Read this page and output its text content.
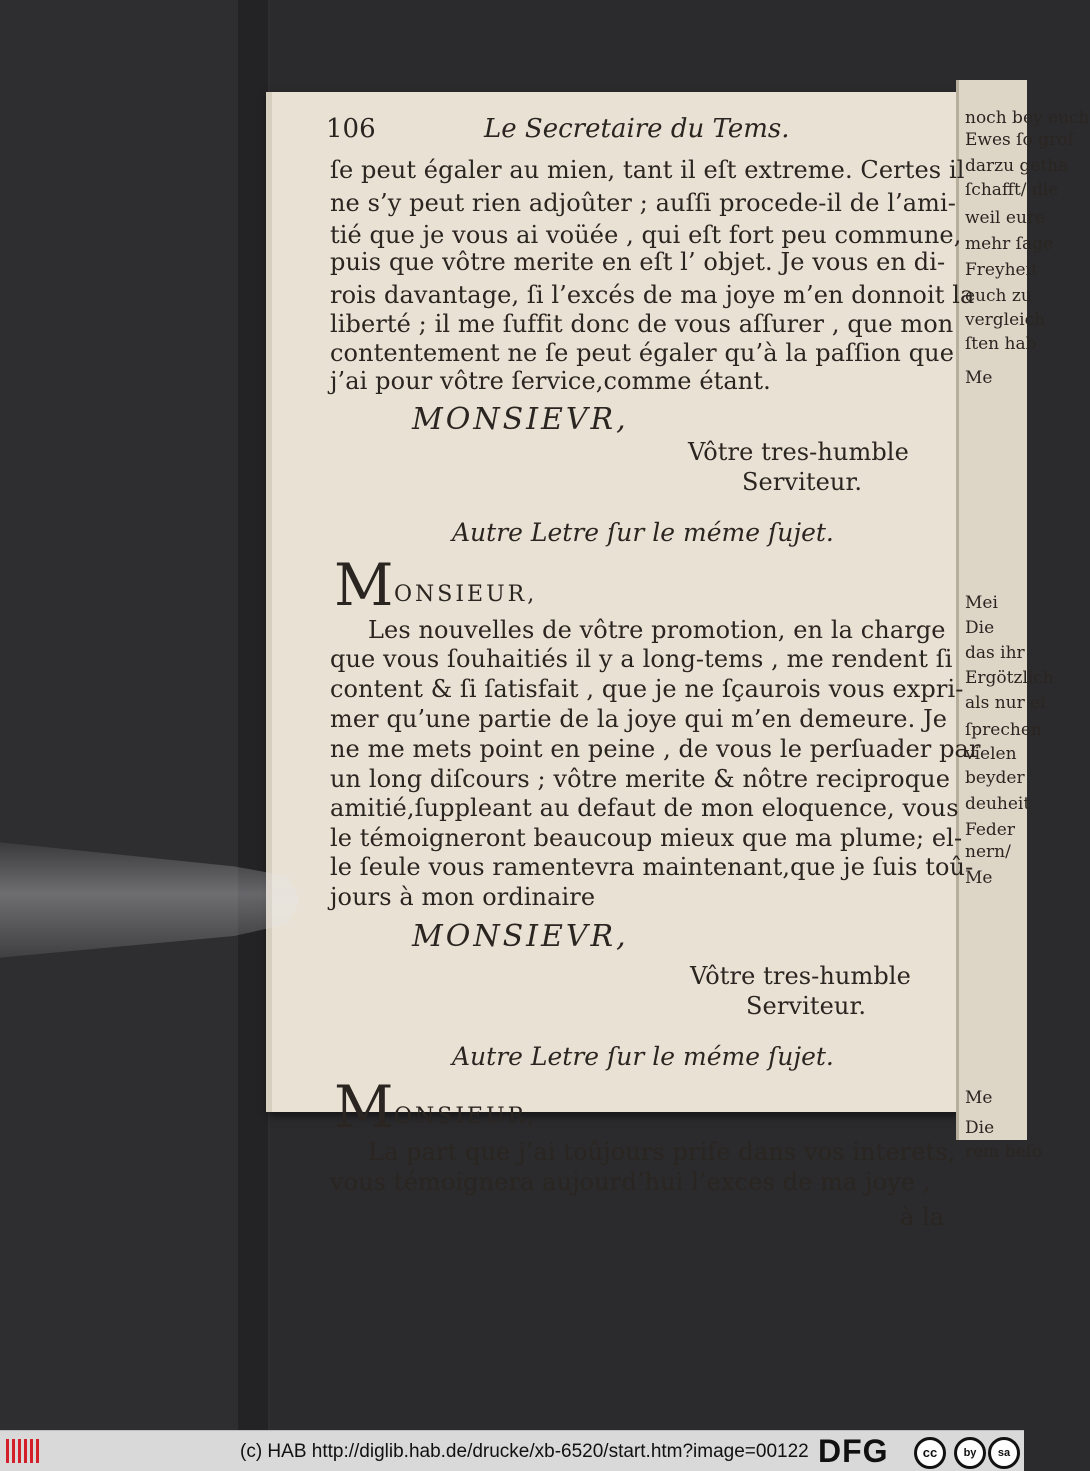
noch bey euch
Ewes ſo groſ
darzu getha
ſchafft/ die
weil eure
mehr ſage
Freyheit
euch zu
vergleich
ſten hab
Me
Mei
Die
das ihr
Ergötzlich
als nur ei
ſprechen
vielen
beyder
deuheit
Feder
nern/
Me
Me
Die
rem beſo
106	Le Secretaire du Tems.
ſe peut égaler au mien, tant il eſt extreme. Certes il
ne s’y peut rien adjoûter ; auſſi procede-il de l’ami-
tié que je vous ai voüée , qui eſt fort peu commune,
puis que vôtre merite en eſt l’ objet. Je vous en di-
rois davantage, ſi l’excés de ma joye m’en donnoit la
liberté ; il me ſuffit donc de vous aſſurer , que mon
contentement ne ſe peut égaler qu’à la paſſion que
j’ai pour vôtre ſervice,comme étant.
MONSIEVR,
Vôtre tres-humble
Serviteur.
Autre Letre ſur le méme ſujet.
M ONSIEUR,
Les nouvelles de vôtre promotion, en la charge
que vous ſouhaitiés il y a long-tems , me rendent ſi
content & ſi ſatisfait , que je ne ſçaurois vous expri-
mer qu’une partie de la joye qui m’en demeure. Je
ne me mets point en peine , de vous le perſuader par
un long diſcours ; vôtre merite & nôtre reciproque
amitié,ſuppleant au defaut de mon eloquence, vous
le témoigneront beaucoup mieux que ma plume; el-
le ſeule vous ramentevra maintenant,que je ſuis toû-
jours à mon ordinaire
MONSIEVR,
Vôtre tres-humble
Serviteur.
Autre Letre ſur le méme ſujet.
M ONSIEUR,
La part que j’ai toûjours priſe dans vos interets,
vous témoignera aujourd’hui l’exces de ma joye ,
à la
(c) HAB http://diglib.hab.de/drucke/xb-6520/start.htm?image=00122 DFG	cc	by	sa
